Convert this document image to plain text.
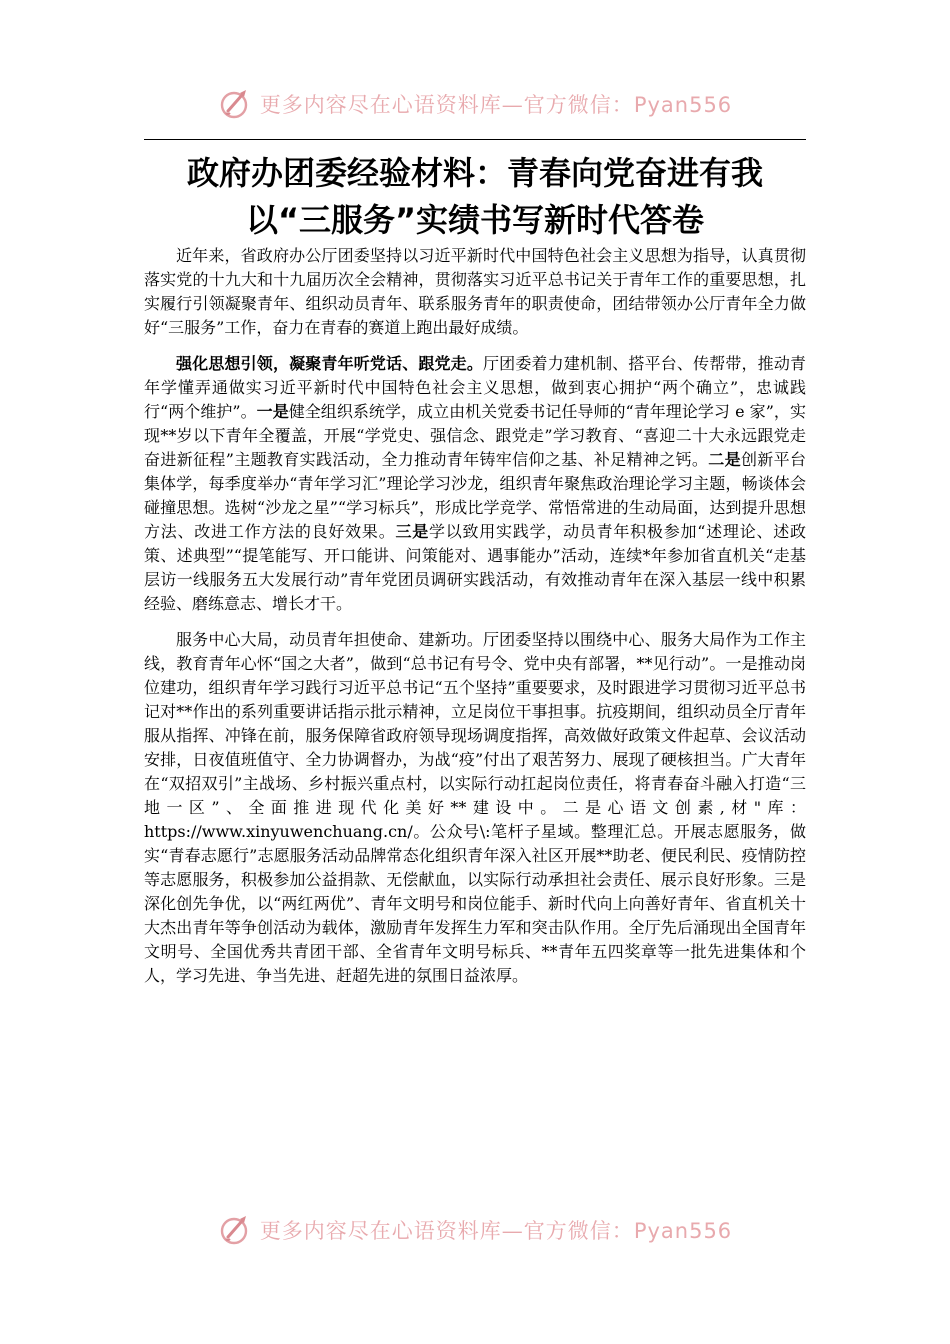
更多内容尽在心语资料库—官方微信：Pyan556
政府办团委经验材料：青春向党奋进有我
以“三服务”实绩书写新时代答卷

近年来，省政府办公厅团委坚持以习近平新时代中国特色社会主义思想为指导，认真贯彻落实党的十九大和十九届历次全会精神，贯彻落实习近平总书记关于青年工作的重要思想，扎实履行引领凝聚青年、组织动员青年、联系服务青年的职责使命，团结带领办公厅青年全力做好“三服务”工作，奋力在青春的赛道上跑出最好成绩。

强化思想引领，凝聚青年听党话、跟党走。厅团委着力建机制、搭平台、传帮带，推动青年学懂弄通做实习近平新时代中国特色社会主义思想，做到衷心拥护“两个确立”，忠诚践行“两个维护”。一是健全组织系统学，成立由机关党委书记任导师的“青年理论学习 e 家”，实现**岁以下青年全覆盖，开展“学党史、强信念、跟党走”学习教育、“喜迎二十大永远跟党走奋进新征程”主题教育实践活动，全力推动青年铸牢信仰之基、补足精神之钙。二是创新平台集体学，每季度举办“青年学习汇”理论学习沙龙，组织青年聚焦政治理论学习主题，畅谈体会碰撞思想。选树“沙龙之星”“学习标兵”，形成比学竞学、常悟常进的生动局面，达到提升思想方法、改进工作方法的良好效果。三是学以致用实践学，动员青年积极参加“述理论、述政策、述典型”“提笔能写、开口能讲、问策能对、遇事能办”活动，连续*年参加省直机关“走基层访一线服务五大发展行动”青年党团员调研实践活动，有效推动青年在深入基层一线中积累经验、磨练意志、增长才干。

服务中心大局，动员青年担使命、建新功。厅团委坚持以围绕中心、服务大局作为工作主线，教育青年心怀“国之大者”，做到“总书记有号令、党中央有部署，**见行动”。一是推动岗位建功，组织青年学习践行习近平总书记“五个坚持”重要要求，及时跟进学习贯彻习近平总书记对**作出的系列重要讲话指示批示精神，立足岗位干事担事。抗疫期间，组织动员全厅青年服从指挥、冲锋在前，服务保障省政府领导现场调度指挥，高效做好政策文件起草、会议活动安排，日夜值班值守、全力协调督办，为战“疫”付出了艰苦努力、展现了硬核担当。广大青年在“双招双引”主战场、乡村振兴重点村，以实际行动扛起岗位责任，将青春奋斗融入打造“三地一区”、全面推进现代化美好**建设中。二是心语文创素,材"库：https://www.xinyuwenchuang.cn/。公众号\:笔杆子星域。整理汇总。开展志愿服务，做实“青春志愿行”志愿服务活动品牌常态化组织青年深入社区开展**助老、便民利民、疫情防控等志愿服务，积极参加公益捐款、无偿献血，以实际行动承担社会责任、展示良好形象。三是深化创先争优，以“两红两优”、青年文明号和岗位能手、新时代向上向善好青年、省直机关十大杰出青年等争创活动为载体，激励青年发挥生力军和突击队作用。全厅先后涌现出全国青年文明号、全国优秀共青团干部、全省青年文明号标兵、**青年五四奖章等一批先进集体和个人，学习先进、争当先进、赶超先进的氛围日益浓厚。

更多内容尽在心语资料库—官方微信：Pyan556
